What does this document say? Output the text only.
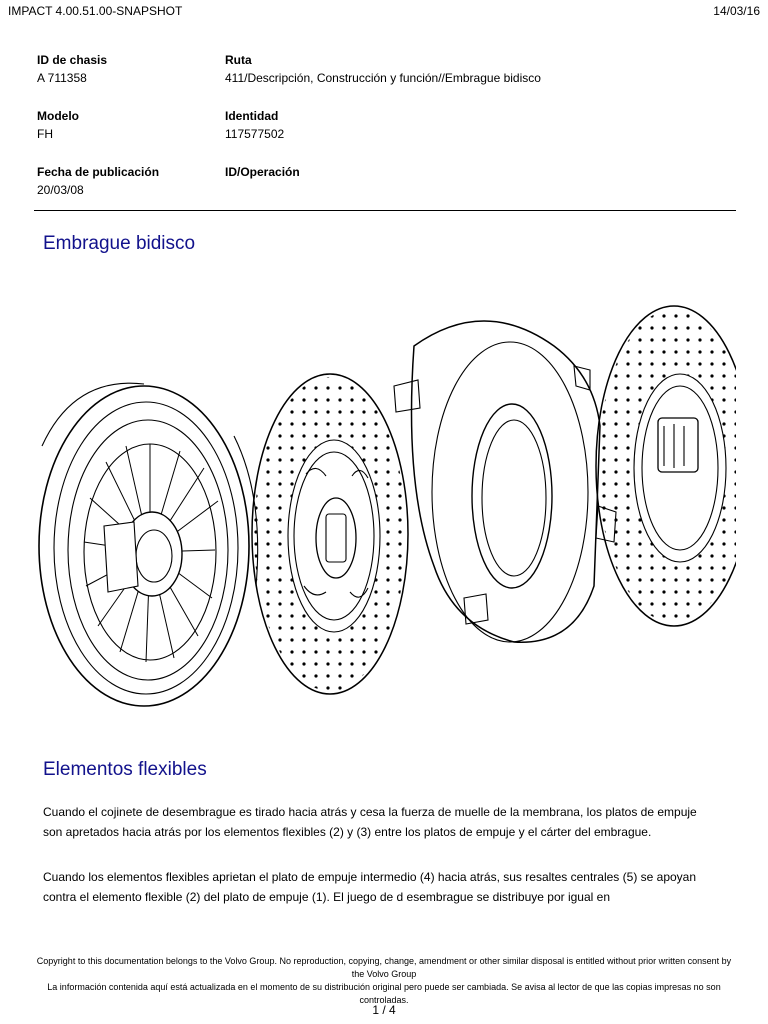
IMPACT 4.00.51.00-SNAPSHOT	14/03/16
ID de chasis
A 711358
Ruta
411/Descripción, Construcción y función//Embrague bidisco
Modelo
FH
Identidad
117577502
Fecha de publicación
20/03/08
ID/Operación
Embrague bidisco
Elementos flexibles

Cuando el cojinete de desembrague es tirado hacia atrás y cesa la fuerza de muelle de la membrana, los platos de empuje son apretados hacia atrás por los elementos flexibles (2) y (3) entre los platos de empuje y el cárter del embrague.

Cuando los elementos flexibles aprietan el plato de empuje intermedio (4) hacia atrás, sus resaltes centrales (5) se apoyan contra el elemento flexible (2) del plato de empuje (1). El juego de d esembrague se distribuye por igual en

Copyright to this documentation belongs to the Volvo Group. No reproduction, copying, change, amendment or other similar disposal is entitled without prior written consent by the Volvo Group
La información contenida aquí está actualizada en el momento de su distribución original pero puede ser cambiada. Se avisa al lector de que las copias impresas no son controladas.
1 / 4
